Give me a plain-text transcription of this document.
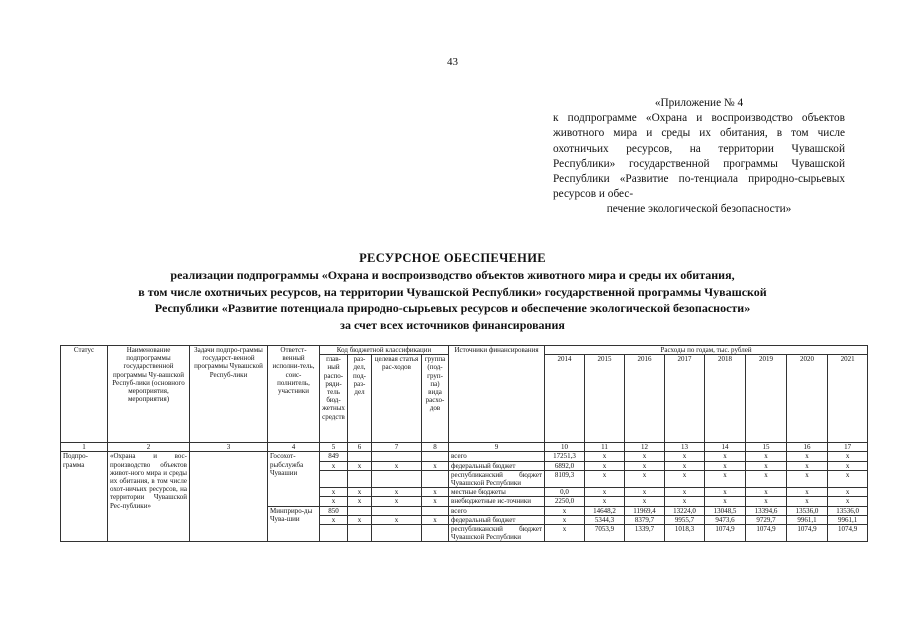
43
«Приложение № 4
к подпрограмме «Охрана и воспроизводство объектов животного мира и среды их обитания, в том числе охотничьих ресурсов, на территории Чувашской Республики» государственной программы Чувашской Республики «Развитие по-тенциала природно-сырьевых ресурсов и обес-
печение экологической безопасности»
РЕСУРСНОЕ ОБЕСПЕЧЕНИЕ
реализации подпрограммы «Охрана и воспроизводство объектов животного мира и среды их обитания,
в том числе охотничьих ресурсов, на территории Чувашской Республики» государственной программы Чувашской
Республики «Развитие потенциала природно-сырьевых ресурсов и обеспечение экологической безопасности»
за счет всех источников финансирования
Статус	Наименование подпрограммы государственной программы Чу-вашской Респуб-лики (основного мероприятия, мероприятия)	Задачи подпро-граммы государст-венной программы Чувашской Респуб-лики	Ответст-венный исполни-тель, соис-полнитель, участники	Код бюджетной классификации				Источники финансирования	Расходы по годам, тыс. рублей							
				глав-ный распо-ряди-тель бюд-жетных средств	раз-дел, под-раз-дел	целевая статья рас-ходов	группа (под-груп-па) вида расхо-дов		2014	2015	2016	2017	2018	2019	2020	2021
1	2	3	4	5	6	7	8	9	10	11	12	13	14	15	16	17
Подпро-грамма	«Охрана и вос-производство объектов живот-ного мира и среды их обитания, в том числе охот-ничьих ресурсов, на территории Чувашской Рес-публики»		Госохот-рыбслужба Чувашии	849				всего	17251,3	x	x	x	x	x	x	x
				x	x	x	x	федеральный бюджет	6892,0	x	x	x	x	x	x	x
								республиканский бюджет Чувашской Республики	8109,3	x	x	x	x	x	x	x
				x	x	x	x	местные бюджеты	0,0	x	x	x	x	x	x	x
				x	x	x	x	внебюджетные ис-точники	2250,0	x	x	x	x	x	x	x
			Минприро-ды Чува-шии	850				всего	x	14648,2	11969,4	13224,0	13048,5	13394,6	13536,0	13536,0
				x	x	x	x	федеральный бюджет	x	5344,3	8379,7	9955,7	9473,6	9729,7	9961,1	9961,1
								республиканский бюджет Чувашской Республики	x	7053,9	1339,7	1018,3	1074,9	1074,9	1074,9	1074,9
